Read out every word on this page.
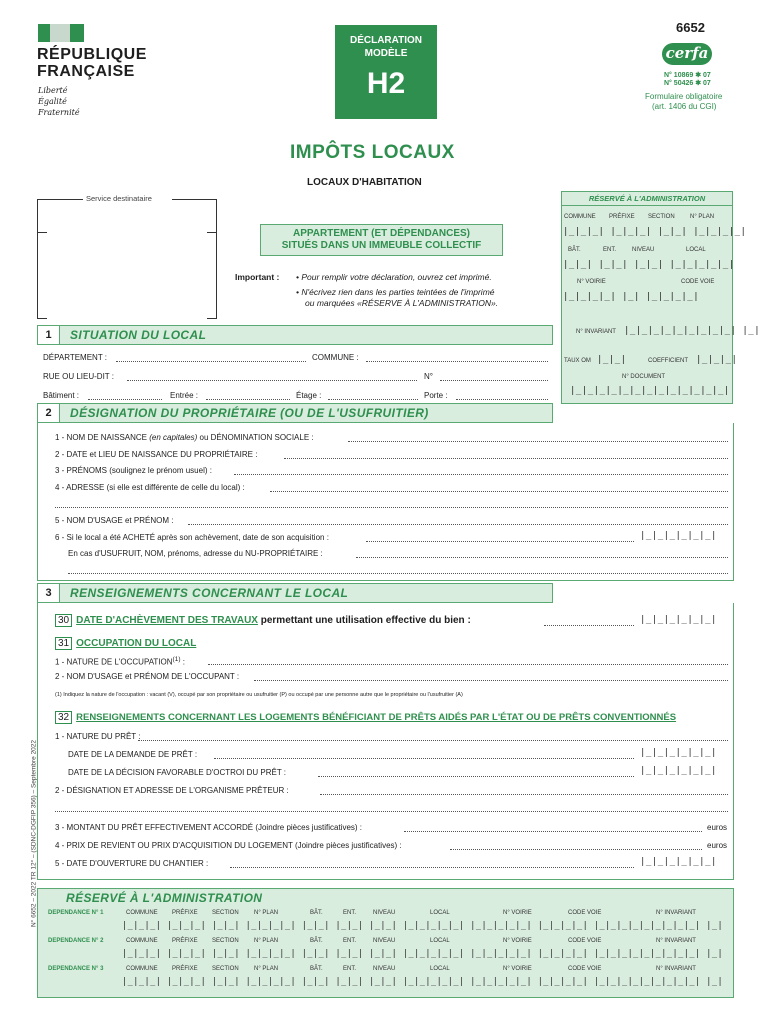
RÉPUBLIQUE
FRANÇAISE
Liberté
Égalité
Fraternité
DÉCLARATION
MODÈLE
H2
6652
cerfa
N° 10869 ✱ 07
N° 50426 ✱ 07
Formulaire obligatoire
(art. 1406 du CGI)
IMPÔTS LOCAUX
LOCAUX D'HABITATION
Service destinataire
APPARTEMENT (ET DÉPENDANCES)
SITUÉS DANS UN IMMEUBLE COLLECTIF
Important : • Pour remplir votre déclaration, ouvrez cet imprimé.
• N'écrivez rien dans les parties teintées de l'imprimé
ou marquées «RÉSERVE À L'ADMINISTRATION».
RÉSERVÉ À L'ADMINISTRATION
COMMUNE PRÉFIXE SECTION	N° PLAN
|_|_|_| |_|_|_| |_|_| |_|_|_|_|
BÂT.	ENT.	NIVEAU	LOCAL
|_|_| |_|_| |_|_| |_|_|_|_|_|
N° VOIRIE	CODE VOIE
|_|_|_|_| |_| |_|_|_|_|
N° INVARIANT |_|_|_|_|_|_|_|_|_| |_|
TAUX OM |_|_|	COEFFICIENT |_|_|_|
N° DOCUMENT
|_|_|_|_|_|_|_|_|_|_|_|_|_|
1	SITUATION DU LOCAL
DÉPARTEMENT :	COMMUNE :
RUE OU LIEU-DIT :	N°
Bâtiment :	Entrée :	Étage :	Porte :
2	DÉSIGNATION DU PROPRIÉTAIRE (OU DE L'USUFRUITIER)
1 - NOM DE NAISSANCE (en capitales) ou DÉNOMINATION SOCIALE :
2 - DATE et LIEU DE NAISSANCE DU PROPRIÉTAIRE :
3 - PRÉNOMS (soulignez le prénom usuel) :
4 - ADRESSE (si elle est différente de celle du local) :
5 - NOM D'USAGE et PRÉNOM :
6 - Si le local a été ACHETÉ après son achèvement, date de son acquisition :	|_|_|_|_|_|_|
En cas d'USUFRUIT, NOM, prénoms, adresse du NU-PROPRIÉTAIRE :
3	RENSEIGNEMENTS CONCERNANT LE LOCAL
30 DATE D'ACHÈVEMENT DES TRAVAUX permettant une utilisation effective du bien :	|_|_|_|_|_|_|
31 OCCUPATION DU LOCAL
1 - NATURE DE L'OCCUPATION$^{(1)}$ :
2 - NOM D'USAGE et PRÉNOM DE L'OCCUPANT :
(1) Indiquez la nature de l'occupation : vacant (V), occupé par son propriétaire ou usufruitier (P) ou occupé par une personne autre que le propriétaire ou l'usufruitier (A)
32 RENSEIGNEMENTS CONCERNANT LES LOGEMENTS BÉNÉFICIANT DE PRÊTS AIDÉS PAR L'ÉTAT OU DE PRÊTS CONVENTIONNÉS
1 - NATURE DU PRÊT :
DATE DE LA DEMANDE DE PRÊT :	|_|_|_|_|_|_|
DATE DE LA DÉCISION FAVORABLE D'OCTROI DU PRÊT :	|_|_|_|_|_|_|
2 - DÉSIGNATION ET ADRESSE DE L'ORGANISME PRÊTEUR :
3 - MONTANT DU PRÊT EFFECTIVEMENT ACCORDÉ (Joindre pièces justificatives) :	euros
4 - PRIX DE REVIENT OU PRIX D'ACQUISITION DU LOGEMENT (Joindre pièces justificatives) :	euros
5 - DATE D'OUVERTURE DU CHANTIER :	|_|_|_|_|_|_|
RÉSERVÉ À L'ADMINISTRATION
DEPENDANCE N° 1	COMMUNE PRÉFIXE SECTION	N° PLAN	BÂT.	ENT.	NIVEAU	LOCAL	N° VOIRIE	CODE VOIE	N° INVARIANT
|_|_|_| |_|_|_| |_|_| |_|_|_|_| |_|_| |_|_| |_|_| |_|_|_|_|_| |_|_|_|_|_| |_|_|_|_| |_|_|_|_|_|_|_|_|_| |_|
DEPENDANCE N° 2	COMMUNE PRÉFIXE SECTION	N° PLAN	BÂT.	ENT.	NIVEAU	LOCAL	N° VOIRIE	CODE VOIE	N° INVARIANT
|_|_|_| |_|_|_| |_|_| |_|_|_|_| |_|_| |_|_| |_|_| |_|_|_|_|_| |_|_|_|_|_| |_|_|_|_| |_|_|_|_|_|_|_|_|_| |_|
DEPENDANCE N° 3	COMMUNE PRÉFIXE SECTION	N° PLAN	BÂT.	ENT.	NIVEAU	LOCAL	N° VOIRIE	CODE VOIE	N° INVARIANT
|_|_|_| |_|_|_| |_|_| |_|_|_|_| |_|_| |_|_| |_|_| |_|_|_|_|_| |_|_|_|_|_| |_|_|_|_| |_|_|_|_|_|_|_|_|_| |_|
N° 6652 – 2022 TR 12° – (SDNC-DGFIP 356) – Septembre 2022
